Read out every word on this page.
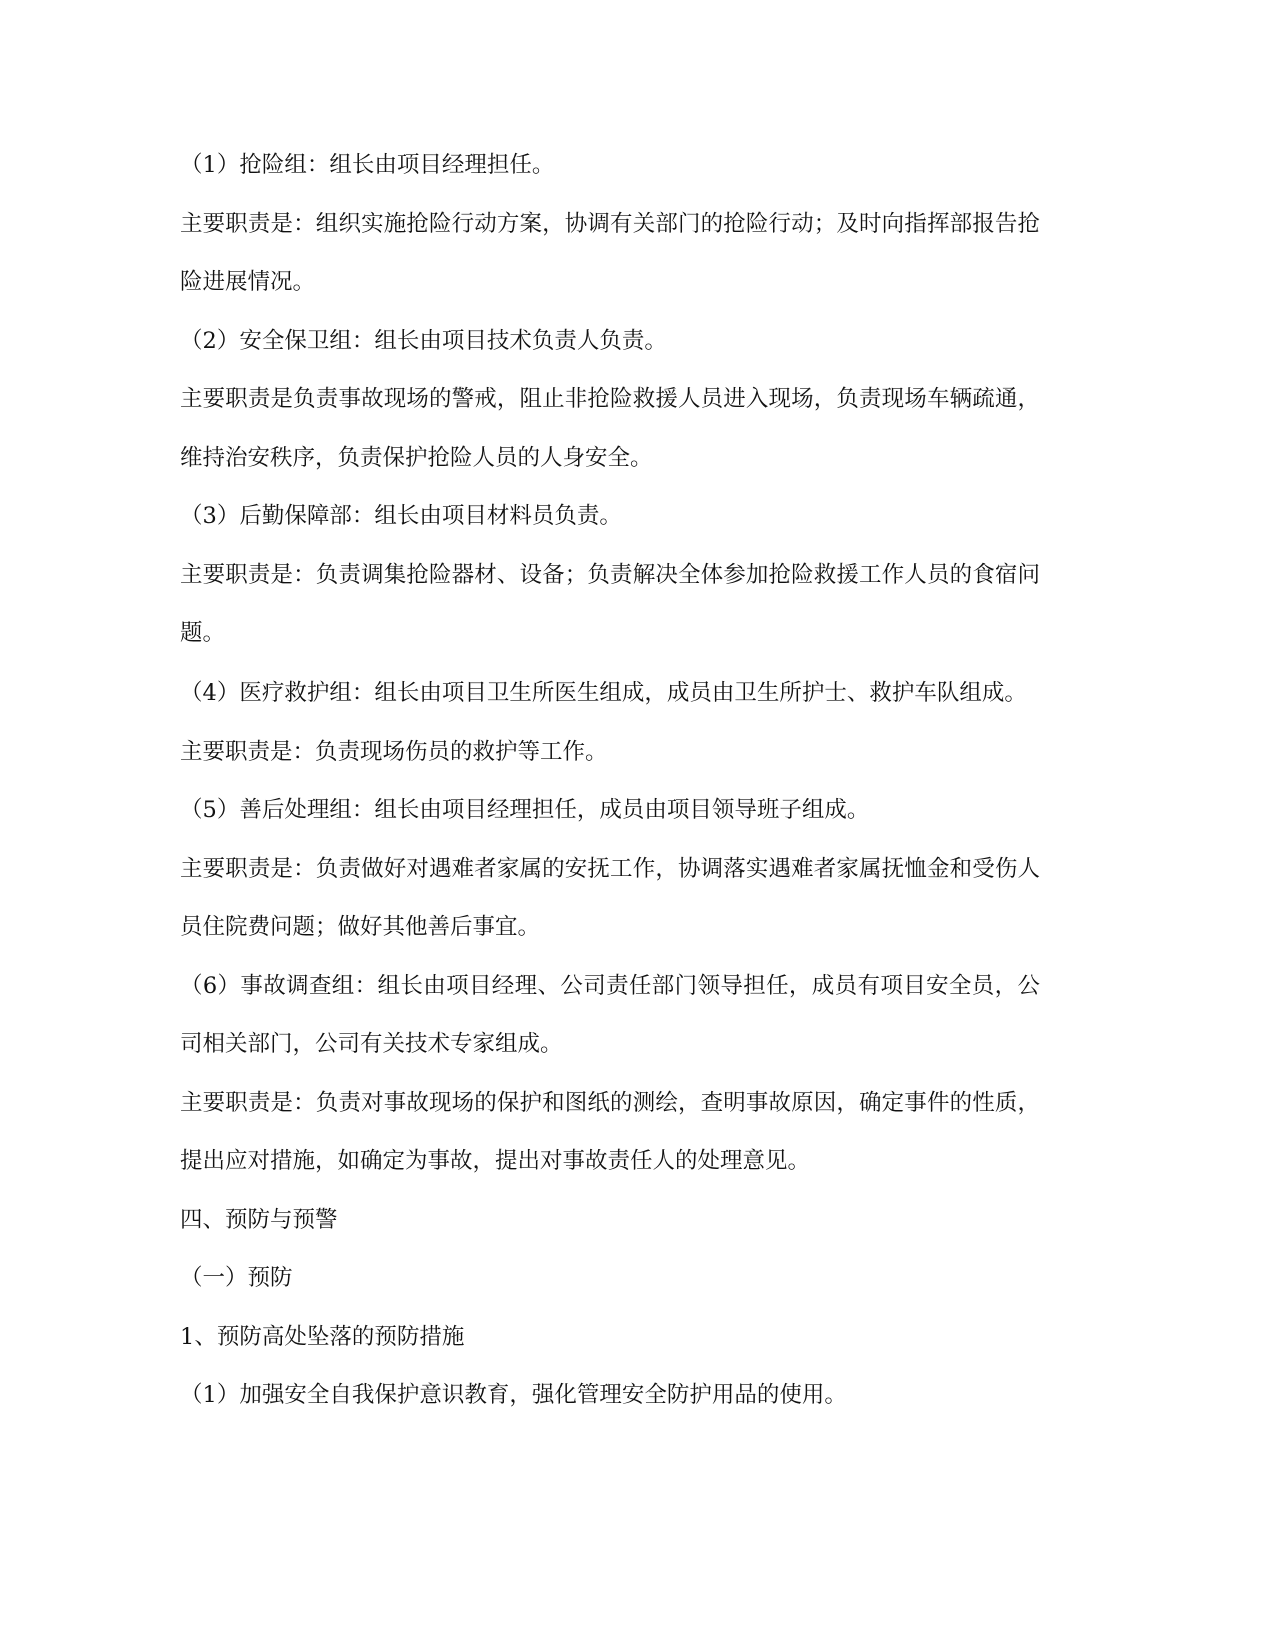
（1）抢险组：组长由项目经理担任。

主要职责是：组织实施抢险行动方案，协调有关部门的抢险行动；及时向指挥部报告抢险进展情况。

（2）安全保卫组：组长由项目技术负责人负责。

主要职责是负责事故现场的警戒，阻止非抢险救援人员进入现场，负责现场车辆疏通，维持治安秩序，负责保护抢险人员的人身安全。

（3）后勤保障部：组长由项目材料员负责。

主要职责是：负责调集抢险器材、设备；负责解决全体参加抢险救援工作人员的食宿问题。

（4）医疗救护组：组长由项目卫生所医生组成，成员由卫生所护士、救护车队组成。

主要职责是：负责现场伤员的救护等工作。

（5）善后处理组：组长由项目经理担任，成员由项目领导班子组成。

主要职责是：负责做好对遇难者家属的安抚工作，协调落实遇难者家属抚恤金和受伤人员住院费问题；做好其他善后事宜。

（6）事故调查组：组长由项目经理、公司责任部门领导担任，成员有项目安全员，公司相关部门，公司有关技术专家组成。

主要职责是：负责对事故现场的保护和图纸的测绘，查明事故原因，确定事件的性质，提出应对措施，如确定为事故，提出对事故责任人的处理意见。

四、预防与预警

（一）预防

1、预防高处坠落的预防措施

（1）加强安全自我保护意识教育，强化管理安全防护用品的使用。
